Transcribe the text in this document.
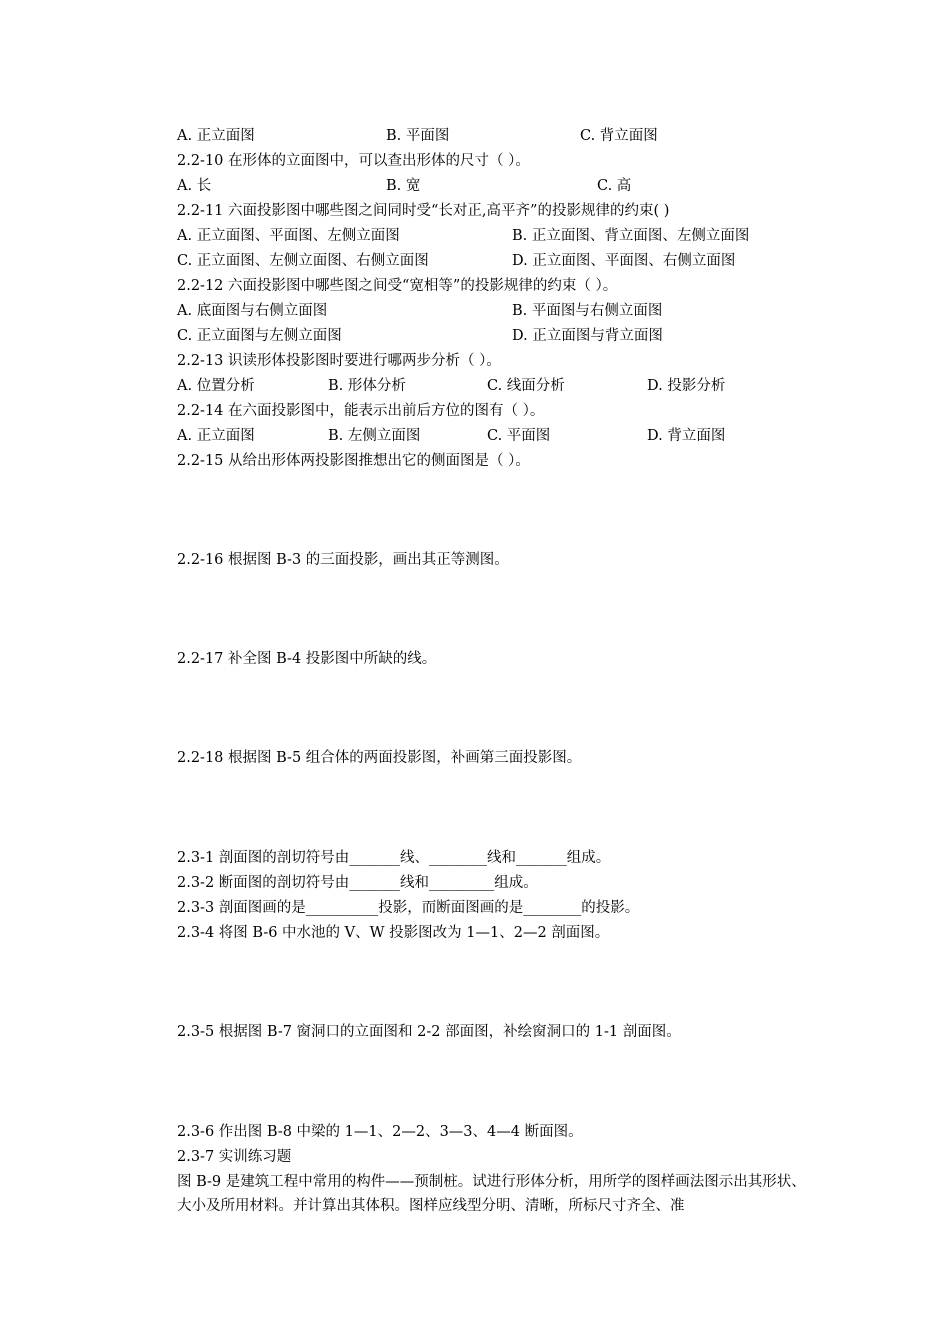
A. 正立面图	B. 平面图	C. 背立面图
2.2-10 在形体的立面图中，可以查出形体的尺寸（ ）。
A. 长	B. 宽	C. 高
2.2-11 六面投影图中哪些图之间同时受“长对正,高平齐”的投影规律的约束( )
A. 正立面图、平面图、左侧立面图	B. 正立面图、背立面图、左侧立面图
C. 正立面图、左侧立面图、右侧立面图	D. 正立面图、平面图、右侧立面图
2.2-12 六面投影图中哪些图之间受“宽相等”的投影规律的约束（ ）。
A. 底面图与右侧立面图	B. 平面图与右侧立面图
C. 正立面图与左侧立面图	D. 正立面图与背立面图
2.2-13 识读形体投影图时要进行哪两步分析（ ）。
A. 位置分析	B. 形体分析	C. 线面分析	D. 投影分析
2.2-14 在六面投影图中，能表示出前后方位的图有（ ）。
A. 正立面图	B. 左侧立面图	C. 平面图	D. 背立面图
2.2-15 从给出形体两投影图推想出它的侧面图是（ ）。
2.2-16 根据图 B-3 的三面投影，画出其正等测图。
2.2-17 补全图 B-4 投影图中所缺的线。
2.2-18 根据图 B-5 组合体的两面投影图，补画第三面投影图。
2.3-1 剖面图的剖切符号由_______线、________线和_______组成。
2.3-2 断面图的剖切符号由_______线和_________组成。
2.3-3 剖面图画的是__________投影，而断面图画的是________的投影。
2.3-4 将图 B-6 中水池的 V、W 投影图改为 1—1、2—2 剖面图。
2.3-5 根据图 B-7 窗洞口的立面图和 2-2 部面图，补绘窗洞口的 1-1 剖面图。
2.3-6 作出图 B-8 中梁的 1—1、2—2、3—3、4—4 断面图。
2.3-7 实训练习题
图 B-9 是建筑工程中常用的构件——预制桩。试进行形体分析，用所学的图样画法图示出其形状、大小及所用材料。并计算出其体积。图样应线型分明、清晰，所标尺寸齐全、准
